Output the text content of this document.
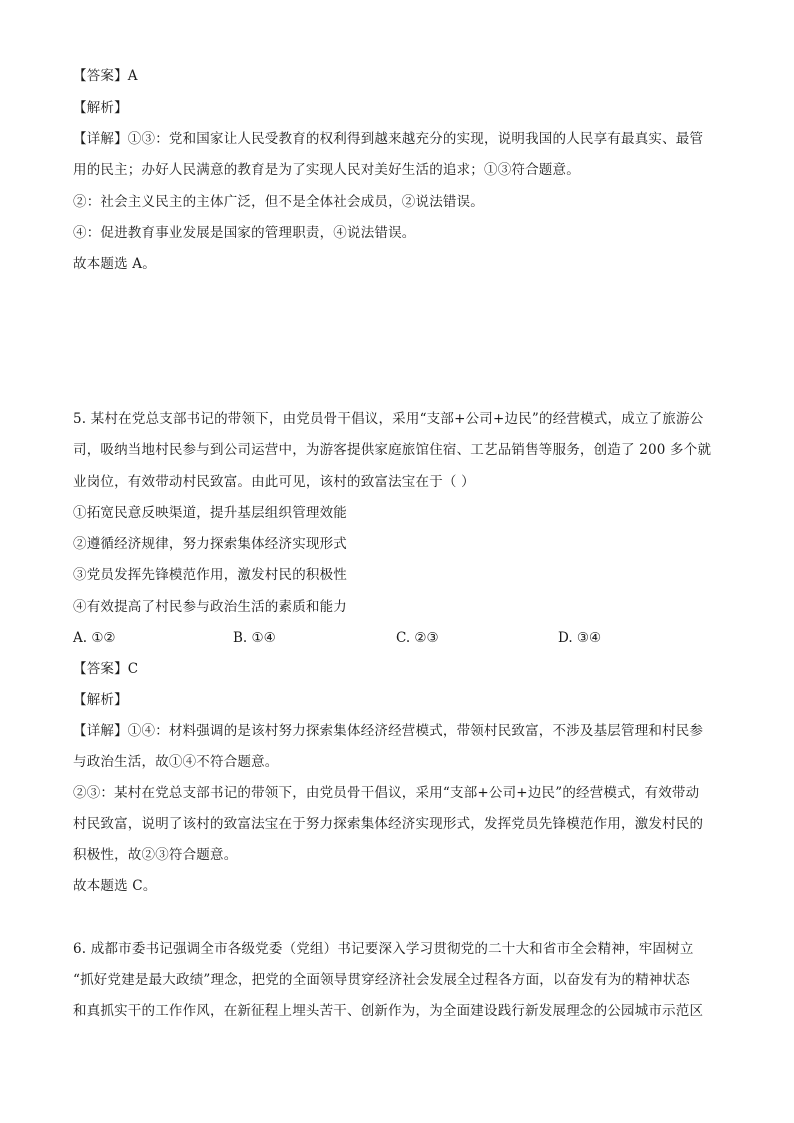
【答案】A
【解析】
【详解】①③：党和国家让人民受教育的权利得到越来越充分的实现，说明我国的人民享有最真实、最管
用的民主；办好人民满意的教育是为了实现人民对美好生活的追求；①③符合题意。
②：社会主义民主的主体广泛，但不是全体社会成员，②说法错误。
④：促进教育事业发展是国家的管理职责，④说法错误。
故本题选 A。
5. 某村在党总支部书记的带领下，由党员骨干倡议，采用“支部+公司+边民”的经营模式，成立了旅游公
司，吸纳当地村民参与到公司运营中，为游客提供家庭旅馆住宿、工艺品销售等服务，创造了 200 多个就
业岗位，有效带动村民致富。由此可见，该村的致富法宝在于（ ）
①拓宽民意反映渠道，提升基层组织管理效能
②遵循经济规律，努力探索集体经济实现形式
③党员发挥先锋模范作用，激发村民的积极性
④有效提高了村民参与政治生活的素质和能力
A. ①②	B. ①④	C. ②③	D. ③④
【答案】C
【解析】
【详解】①④：材料强调的是该村努力探索集体经济经营模式，带领村民致富，不涉及基层管理和村民参
与政治生活，故①④不符合题意。
②③：某村在党总支部书记的带领下，由党员骨干倡议，采用“支部+公司+边民”的经营模式，有效带动
村民致富，说明了该村的致富法宝在于努力探索集体经济实现形式，发挥党员先锋模范作用，激发村民的
积极性，故②③符合题意。
故本题选 C。
6. 成都市委书记强调全市各级党委（党组）书记要深入学习贯彻党的二十大和省市全会精神，牢固树立
“抓好党建是最大政绩”理念，把党的全面领导贯穿经济社会发展全过程各方面，以奋发有为的精神状态
和真抓实干的工作作风，在新征程上埋头苦干、创新作为，为全面建设践行新发展理念的公园城市示范区
